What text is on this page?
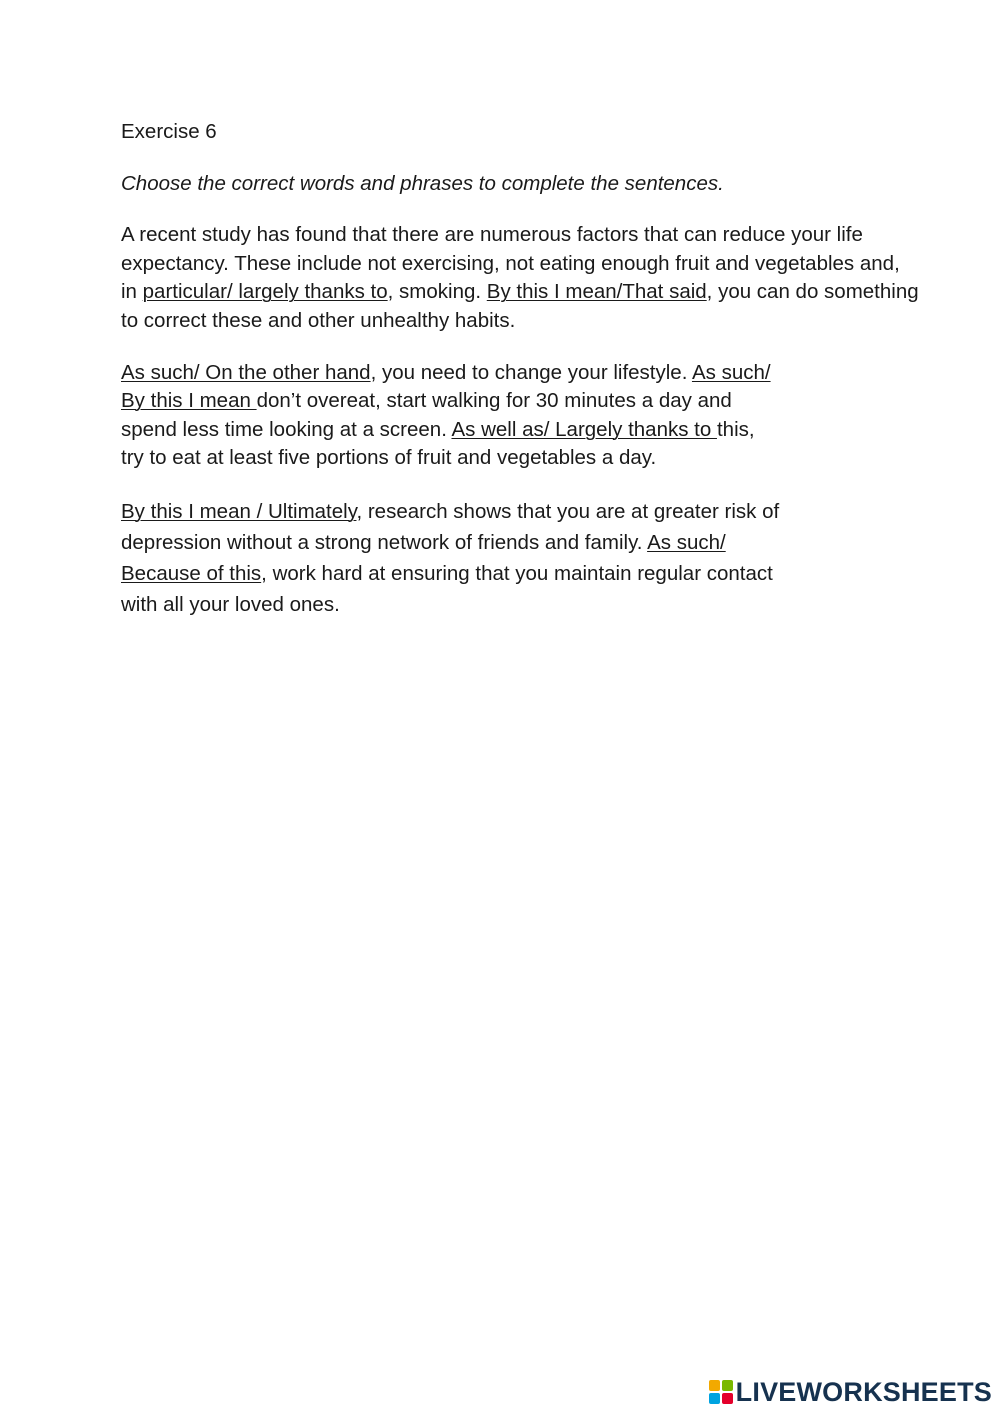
Exercise 6

Choose the correct words and phrases to complete the sentences.

A recent study has found that there are numerous factors that can reduce your life expectancy. These include not exercising, not eating enough fruit and vegetables and, in particular/ largely thanks to, smoking. By this I mean/That said, you can do something to correct these and other unhealthy habits.

As such/ On the other hand, you need to change your lifestyle. As such/
By this I mean don’t overeat, start walking for 30 minutes a day and
spend less time looking at a screen. As well as/ Largely thanks to this,
try to eat at least five portions of fruit and vegetables a day.

By this I mean / Ultimately, research shows that you are at greater risk of
depression without a strong network of friends and family. As such/
Because of this, work hard at ensuring that you maintain regular contact
with all your loved ones.

LIVEWORKSHEETS
